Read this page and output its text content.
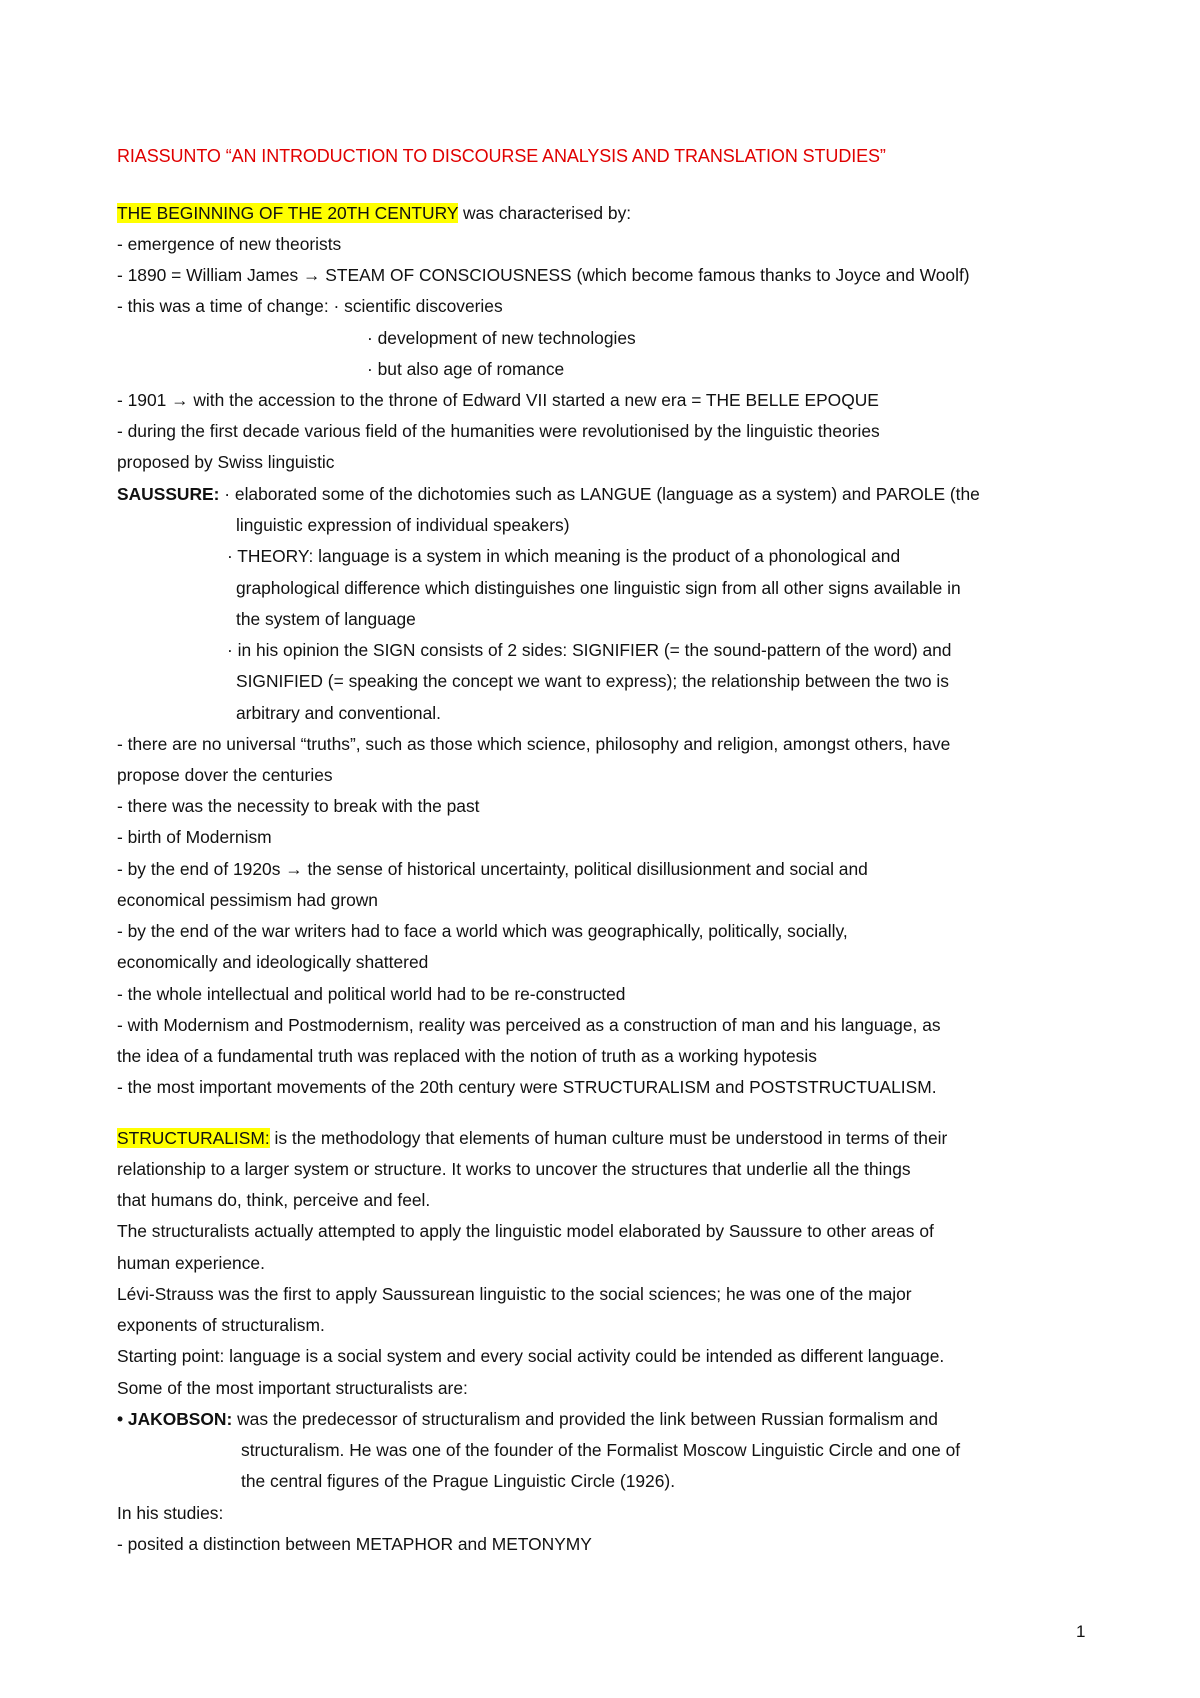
RIASSUNTO “AN INTRODUCTION TO DISCOURSE ANALYSIS AND TRANSLATION STUDIES”
THE BEGINNING OF THE 20TH CENTURY was characterised by:
- emergence of new theorists
- 1890 = William James → STEAM OF CONSCIOUSNESS (which become famous thanks to Joyce and Woolf)
- this was a time of change: · scientific discoveries
· development of new technologies
· but also age of romance
- 1901 → with the accession to the throne of Edward VII started a new era = THE BELLE EPOQUE
- during the first decade various field of the humanities were revolutionised by the linguistic theories
proposed by Swiss linguistic
SAUSSURE: · elaborated some of the dichotomies such as LANGUE (language as a system) and PAROLE (the
linguistic expression of individual speakers)
· THEORY: language is a system in which meaning is the product of a phonological and
graphological difference which distinguishes one linguistic sign from all other signs available in
the system of language
· in his opinion the SIGN consists of 2 sides: SIGNIFIER (= the sound-pattern of the word) and
SIGNIFIED (= speaking the concept we want to express); the relationship between the two is
arbitrary and conventional.
- there are no universal “truths”, such as those which science, philosophy and religion, amongst others, have
propose dover the centuries
- there was the necessity to break with the past
- birth of Modernism
- by the end of 1920s → the sense of historical uncertainty, political disillusionment and social and
economical pessimism had grown
- by the end of the war writers had to face a world which was geographically, politically, socially,
economically and ideologically shattered
- the whole intellectual and political world had to be re-constructed
- with Modernism and Postmodernism, reality was perceived as a construction of man and his language, as
the idea of a fundamental truth was replaced with the notion of truth as a working hypotesis
- the most important movements of the 20th century were STRUCTURALISM and POSTSTRUCTUALISM.
STRUCTURALISM: is the methodology that elements of human culture must be understood in terms of their
relationship to a larger system or structure. It works to uncover the structures that underlie all the things
that humans do, think, perceive and feel.
The structuralists actually attempted to apply the linguistic model elaborated by Saussure to other areas of
human experience.
Lévi-Strauss was the first to apply Saussurean linguistic to the social sciences; he was one of the major
exponents of structuralism.
Starting point: language is a social system and every social activity could be intended as different language.
Some of the most important structuralists are:
• JAKOBSON: was the predecessor of structuralism and provided the link between Russian formalism and
structuralism. He was one of the founder of the Formalist Moscow Linguistic Circle and one of
the central figures of the Prague Linguistic Circle (1926).
In his studies:
- posited a distinction between METAPHOR and METONYMY
1
